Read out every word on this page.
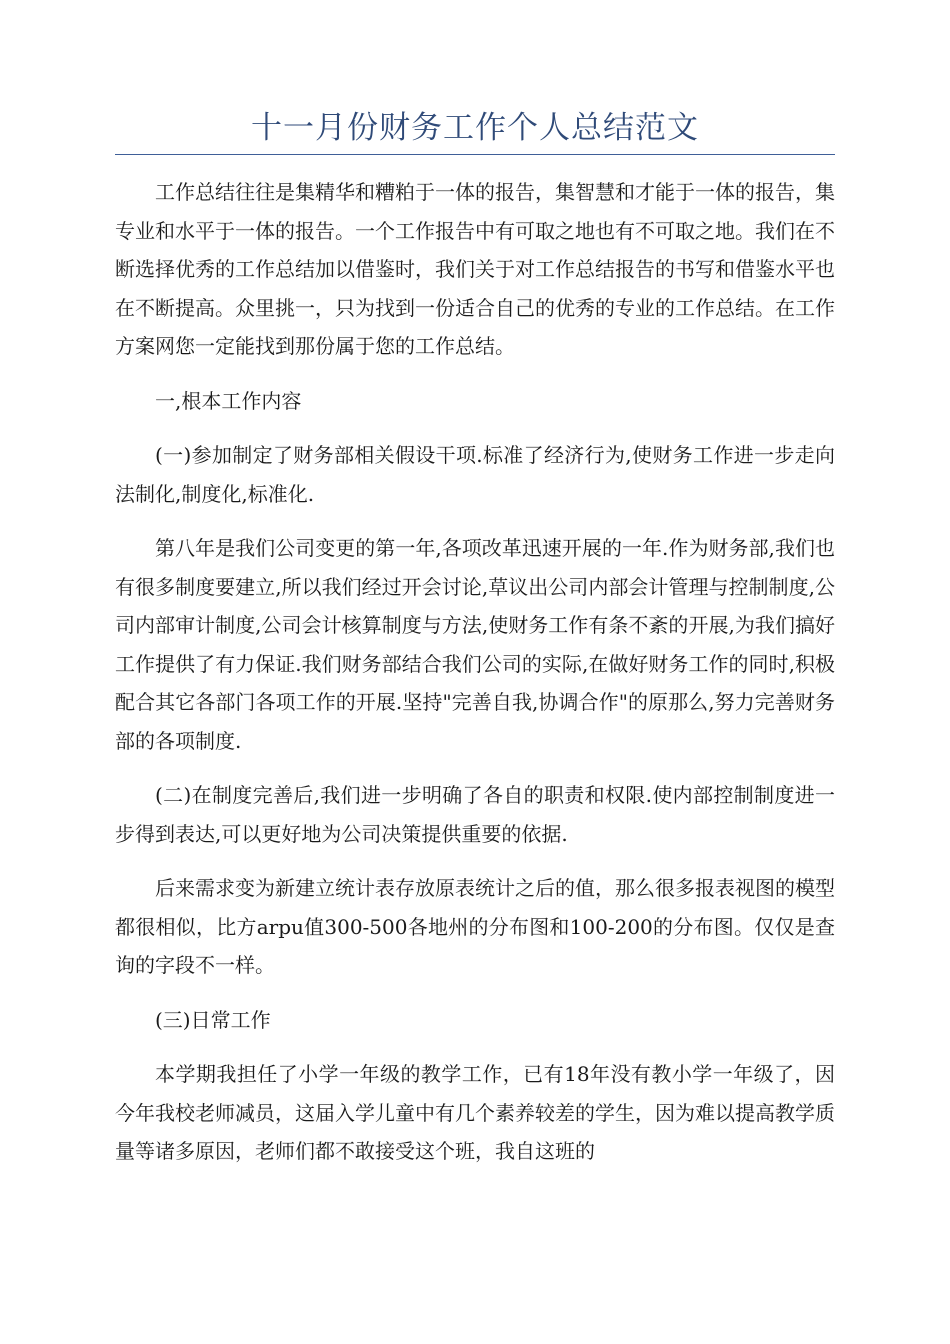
十一月份财务工作个人总结范文

工作总结往往是集精华和糟粕于一体的报告，集智慧和才能于一体的报告，集专业和水平于一体的报告。一个工作报告中有可取之地也有不可取之地。我们在不断选择优秀的工作总结加以借鉴时，我们关于对工作总结报告的书写和借鉴水平也在不断提高。众里挑一，只为找到一份适合自己的优秀的专业的工作总结。在工作方案网您一定能找到那份属于您的工作总结。

一,根本工作内容

(一)参加制定了财务部相关假设干项.标准了经济行为,使财务工作进一步走向法制化,制度化,标准化.

第八年是我们公司变更的第一年,各项改革迅速开展的一年.作为财务部,我们也有很多制度要建立,所以我们经过开会讨论,草议出公司内部会计管理与控制制度,公司内部审计制度,公司会计核算制度与方法,使财务工作有条不紊的开展,为我们搞好工作提供了有力保证.我们财务部结合我们公司的实际,在做好财务工作的同时,积极配合其它各部门各项工作的开展.坚持"完善自我,协调合作"的原那么,努力完善财务部的各项制度.

(二)在制度完善后,我们进一步明确了各自的职责和权限.使内部控制制度进一步得到表达,可以更好地为公司决策提供重要的依据.

后来需求变为新建立统计表存放原表统计之后的值，那么很多报表视图的模型都很相似，比方arpu值300-500各地州的分布图和100-200的分布图。仅仅是查询的字段不一样。

(三)日常工作

本学期我担任了小学一年级的教学工作，已有18年没有教小学一年级了，因今年我校老师减员，这届入学儿童中有几个素养较差的学生，因为难以提高教学质量等诸多原因，老师们都不敢接受这个班，我自这班的
